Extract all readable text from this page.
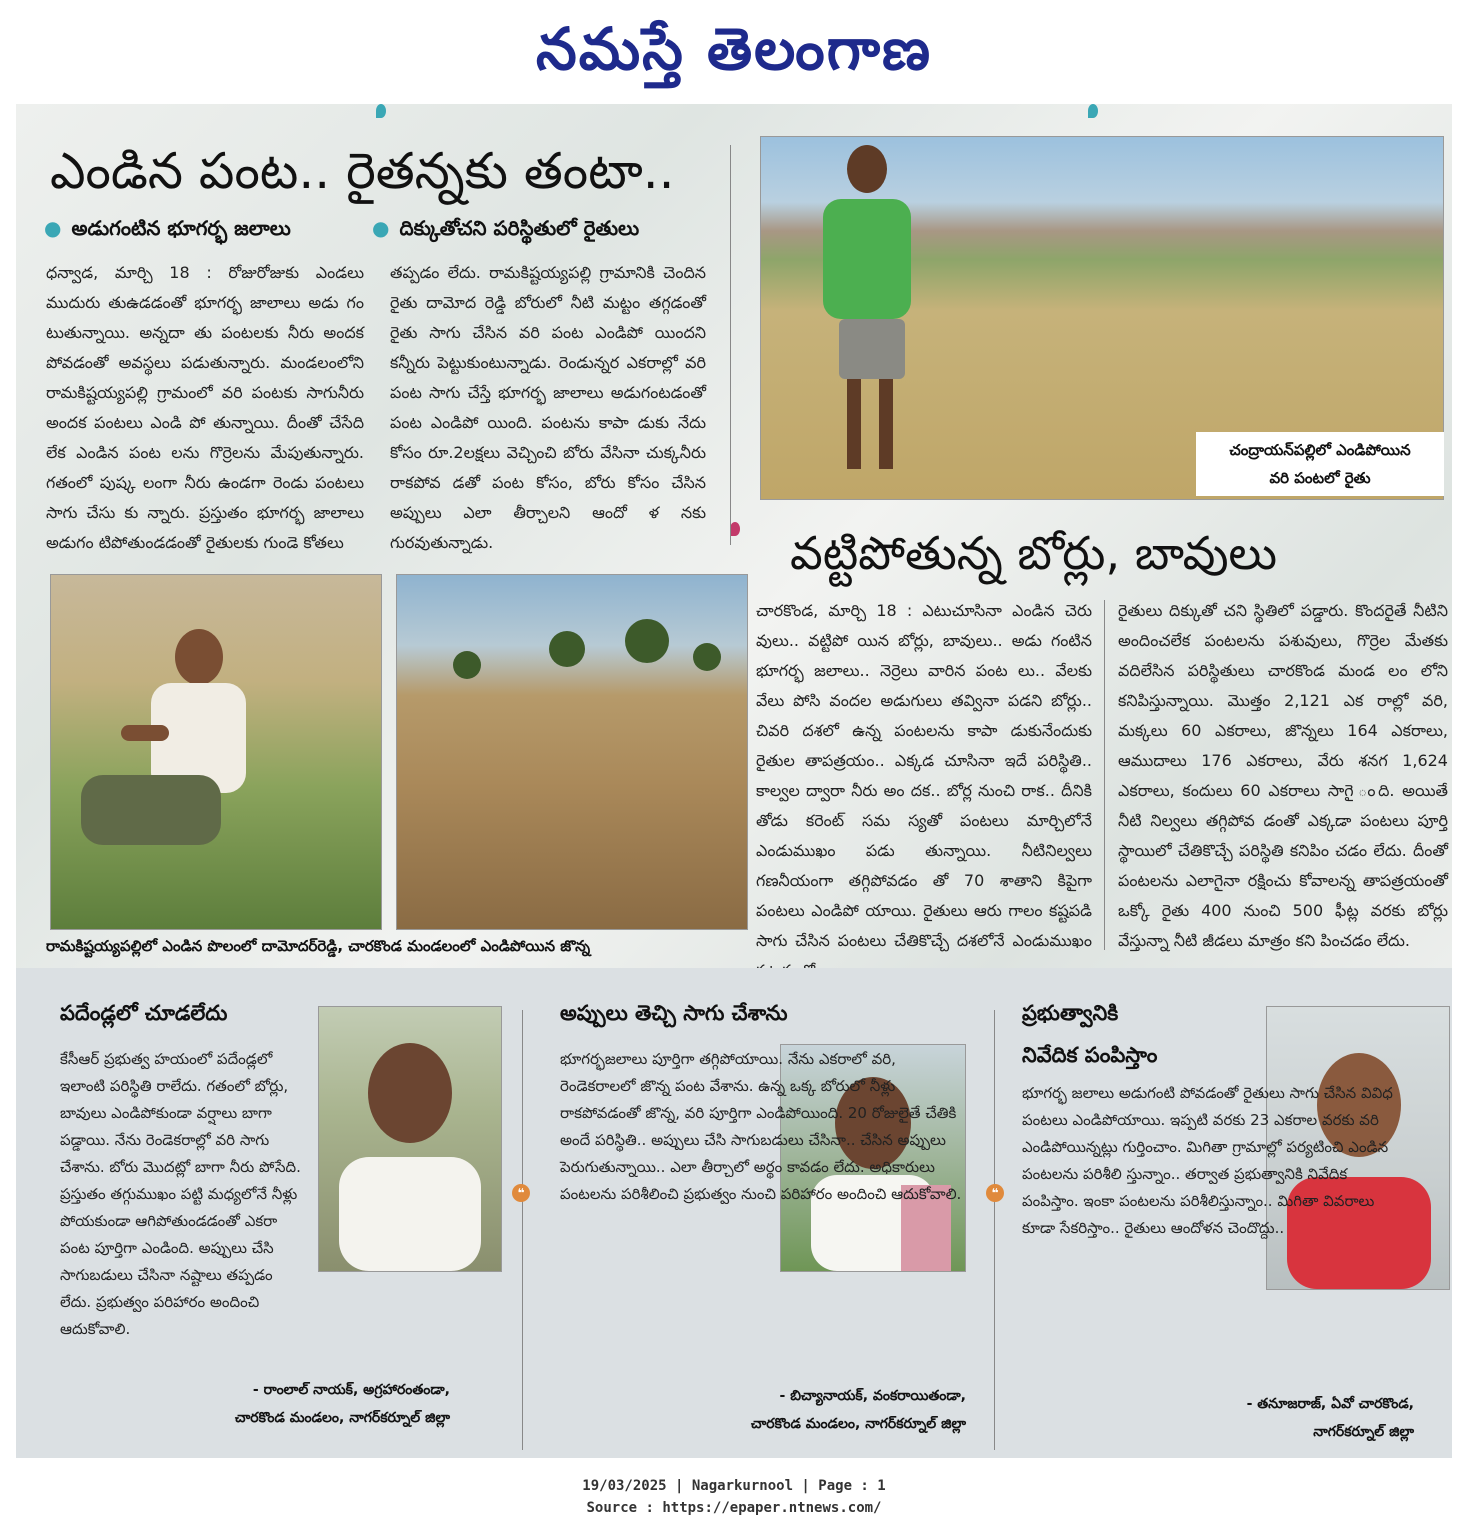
నమస్తే తెలంగాణ
ఎండిన పంట.. రైతన్నకు తంటా..
● అడుగంటిన భూగర్భ జలాలు	● దిక్కుతోచని పరిస్థితులో రైతులు

ధన్వాడ, మార్చి 18 : రోజురోజుకు ఎండలు ముదురు తుఉడడంతో భూగర్భ జాలాలు అడు గం టుతున్నాయి. అన్నదా తు పంటలకు నీరు అందక పోవడంతో అవస్థలు పడుతున్నారు. మండలంలోని రామకిష్టయ్యపల్లి గ్రామంలో వరి పంటకు సాగునీరు అందక పంటలు ఎండి పో తున్నాయి. దీంతో చేసేది లేక ఎండిన పంట లను గొర్రెలను మేపుతున్నారు. గతంలో పుష్క లంగా నీరు ఉండగా రెండు పంటలు సాగు చేసు కు న్నారు. ప్రస్తుతం భూగర్భ జాలాలు అడుగం టిపోతుండడంతో రైతులకు గుండె కోతలు

తప్పడం లేదు. రామకిష్టయ్యపల్లి గ్రామానికి చెందిన రైతు దామోద రెడ్డి బోరులో నీటి మట్టం తగ్గడంతో రైతు సాగు చేసిన వరి పంట ఎండిపో యిందని కన్నీరు పెట్టుకుంటున్నాడు. రెండున్నర ఎకరాల్లో వరి పంట సాగు చేస్తే భూగర్భ జాలాలు అడుగంటడంతో పంట ఎండిపో యింది. పంటను కాపా డుకు నేదు కోసం రూ.2లక్షలు వెచ్చించి బోరు వేసినా చుక్కనీరు రాకపోవ డతో పంట కోసం, బోరు కోసం చేసిన అప్పులు ఎలా తీర్చాలని ఆందో ళ నకు గురవుతున్నాడు.

రామకిష్టయ్యపల్లిలో ఎండిన పొలంలో దామోదర్‌రెడ్డి, చారకొండ మండలంలో ఎండిపోయిన జొన్న
చంద్రాయన్‌పల్లిలో ఎండిపోయిన
వరి పంటలో రైతు
వట్టిపోతున్న బోర్లు, బావులు

చారకొండ, మార్చి 18 : ఎటుచూసినా ఎండిన చెరు వులు.. వట్టిపో యిన బోర్లు, బావులు.. అడు గంటిన భూగర్భ జలాలు.. నెర్రెలు వారిన పంట లు.. వేలకు వేలు పోసి వందల అడుగులు తవ్వినా పడని బోర్లు.. చివరి దశలో ఉన్న పంటలను కాపా డుకునేందుకు రైతుల తాపత్రయం.. ఎక్కడ చూసినా ఇదే పరిస్థితి.. కాల్వల ద్వారా నీరు అం దక.. బోర్ల నుంచి రాక.. దీనికి తోడు కరెంట్ సమ స్యతో పంటలు మార్చిలోనే ఎండుముఖం పడు తున్నాయి. నీటినిల్వలు గణనీయంగా తగ్గిపోవడం తో 70 శాతాని కిపైగా పంటలు ఎండిపో యాయి. రైతులు ఆరు గాలం కష్టపడి సాగు చేసిన పంటలు చేతికొచ్చే దశలోనే ఎండుముఖం

రైతులు దిక్కుతో చని స్థితిలో పడ్డారు. కొందరైతే నీటిని అందించలేక పంటలను పశువులు, గొర్రెల మేతకు వదిలేసిన పరిస్థితులు చారకొండ మండ లం లోని కనిపిస్తున్నాయి. మొత్తం 2,121 ఎక రాల్లో వరి, మక్కలు 60 ఎకరాలు, జొన్నలు 164 ఎకరాలు, ఆముదాలు 176 ఎకరాలు, వేరు శనగ 1,624 ఎకరాలు, కందులు 60 ఎకరాలు సాగై ంది. అయితే నీటి నిల్వలు తగ్గిపోవ డంతో ఎక్కడా పంటలు పూర్తి స్థాయిలో చేతికొచ్చే పరిస్థితి కనిపిం చడం లేదు. దీంతో పంటలను ఎలాగైనా రక్షించు కోవాలన్న తాపత్రయంతో ఒక్కో రైతు 400 నుంచి 500 ఫీట్ల వరకు బోర్లు వేస్తున్నా నీటి జీడలు మాత్రం కని పించడం లేదు.

పదేండ్లలో చూడలేదు
❝

కేసీఆర్ ప్రభుత్వ హయంలో పదేండ్లలో ఇలాంటి పరిస్థితి రాలేదు. గతంలో బోర్లు, బావులు ఎండిపోకుండా వర్షాలు బాగా పడ్డాయి. నేను రెండెకరాల్లో వరి సాగు చేశాను. బోరు మొదట్లో బాగా నీరు పోసేది. ప్రస్తుతం తగ్గుముఖం పట్టి మధ్యలోనే నీళ్లు పోయకుండా ఆగిపోతుండడంతో ఎకరా పంట పూర్తిగా ఎండింది. అప్పులు చేసి సాగుబడులు చేసినా నష్టాలు తప్పడం లేదు. ప్రభుత్వం పరిహారం అందించి ఆదుకోవాలి.

- రాంలాల్ నాయక్, అగ్రహారంతండా,
చారకొండ మండలం, నాగర్‌కర్నూల్ జిల్లా
అప్పులు తెచ్చి సాగు చేశాను
❝

భూగర్భజలాలు పూర్తిగా తగ్గిపోయాయి. నేను ఎకరాలో వరి, రెండెకరాలలో జొన్న పంట వేశాను. ఉన్న ఒక్క బోరులో నీళ్లు రాకపోవడంతో జొన్న, వరి పూర్తిగా ఎండిపోయింది. 20 రోజులైతే చేతికి అందే పరిస్థితి.. అప్పులు చేసి సాగుబడులు చేసినా.. చేసిన అప్పులు పెరుగుతున్నాయి.. ఎలా తీర్చాలో అర్థం కావడం లేదు. అధికారులు పంటలను పరిశీలించి ప్రభుత్వం నుంచి పరిహారం అందించి ఆదుకోవాలి.

- బిచ్యానాయక్, వంకరాయితండా,
చారకొండ మండలం, నాగర్‌కర్నూల్ జిల్లా
ప్రభుత్వానికి
నివేదిక పంపిస్తాం

భూగర్భ జలాలు అడుగంటి పోవడంతో రైతులు సాగు చేసిన వివిధ పంటలు ఎండిపోయాయి. ఇప్పటి వరకు 23 ఎకరాల వరకు వరి ఎండిపోయిన్నట్లు గుర్తించాం. మిగితా గ్రామాల్లో పర్యటించి ఎండిన పంటలను పరిశీలి స్తున్నాం.. తర్వాత ప్రభుత్వానికి నివేదిక పంపిస్తాం. ఇంకా పంటలను పరిశీలిస్తున్నాం.. మిగితా వివరాలు కూడా సేకరిస్తాం.. రైతులు ఆందోళన చెందొద్దు..

- తనూజరాజ్, ఏవో చారకొండ,
నాగర్‌కర్నూల్ జిల్లా
19/03/2025 | Nagarkurnool | Page : 1
Source : https://epaper.ntnews.com/
